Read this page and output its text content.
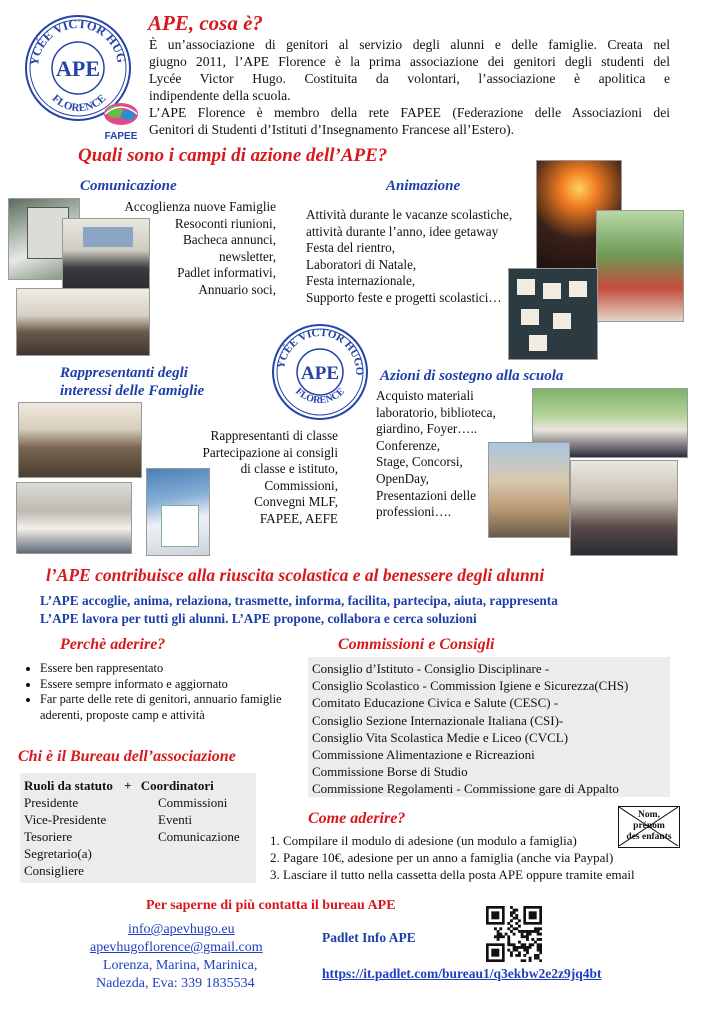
YCÉE VICTOR HUG
FLORENCE
APE
FAPEE
APE, cosa è?
È un’associazione di genitori al servizio degli alunni e delle famiglie. Creata nel
giugno 2011, l’APE Florence è la prima associazione dei genitori degli studenti del
Lycée Victor Hugo. Costituita da volontari, l’associazione è apolitica e
indipendente della scuola.
L’APE Florence è membro della rete FAPEE (Federazione delle Associazioni dei
Genitori di Studenti d’Istituti d’Insegnamento Francese all’Estero).
Quali sono i campi di azione dell’APE?
Comunicazione
Accoglienza nuove Famiglie
Resoconti riunioni,
Bacheca annunci,
newsletter,
Padlet informativi,
Annuario soci,
Animazione
Attività durante le vacanze scolastiche,
attività durante l’anno, idee getaway
Festa del rientro,
Laboratori di Natale,
Festa internazionale,
Supporto feste e progetti scolastici…
YCÉE VICTOR HUGO
FLORENCE
APE
Rappresentanti degli
interessi delle Famiglie
Rappresentanti di classe
Partecipazione ai consigli
di classe e istituto,
Commissioni,
Convegni MLF,
FAPEE, AEFE
Azioni di sostegno alla scuola
Acquisto materiali
laboratorio, biblioteca,
giardino, Foyer…..
Conferenze,
Stage, Concorsi,
OpenDay,
Presentazioni delle
professioni….
l’APE contribuisce alla riuscita scolastica e al benessere degli alunni
L’APE accoglie, anima, relaziona, trasmette, informa, facilita, partecipa, aiuta, rappresenta
L’APE lavora per tutti gli alunni. L’APE propone, collabora e cerca soluzioni
Perchè aderire?
• Essere ben rappresentato
• Essere sempre informato e aggiornato
• Far parte delle rete di genitori, annuario famiglie aderenti, proposte camp e attività
Commissioni e Consigli
Consiglio d’Istituto - Consiglio Disciplinare -
Consiglio Scolastico - Commission Igiene e Sicurezza(CHS)
Comitato Educazione Civica e Salute (CESC) -
Consiglio Sezione Internazionale Italiana (CSI)-
Consiglio Vita Scolastica Medie e Liceo (CVCL)
Commissione Alimentazione e Ricreazioni
Commissione Borse di Studio
Commissione Regolamenti - Commissione gare di Appalto
Chi è il Bureau dell’associazione
Ruoli da statuto + Coordinatori
Presidente
Vice-Presidente
Tesoriere
Segretario(a)
Consigliere
Commissioni
Eventi
Comunicazione
Come aderire?	Nom,
prénom
des enfants
1. Compilare il modulo di adesione (un modulo a famiglia)
2. Pagare 10€, adesione per un anno a famiglia (anche via Paypal)
3. Lasciare il tutto nella cassetta della posta APE oppure tramite email
Per saperne di più contatta il bureau APE
info@apevhugo.eu
apevhugoflorence@gmail.com
Lorenza, Marina, Marinica,
Nadezda, Eva: 339 1835534
Padlet Info APE
https://it.padlet.com/bureau1/q3ekbw2e2z9jq4bt
